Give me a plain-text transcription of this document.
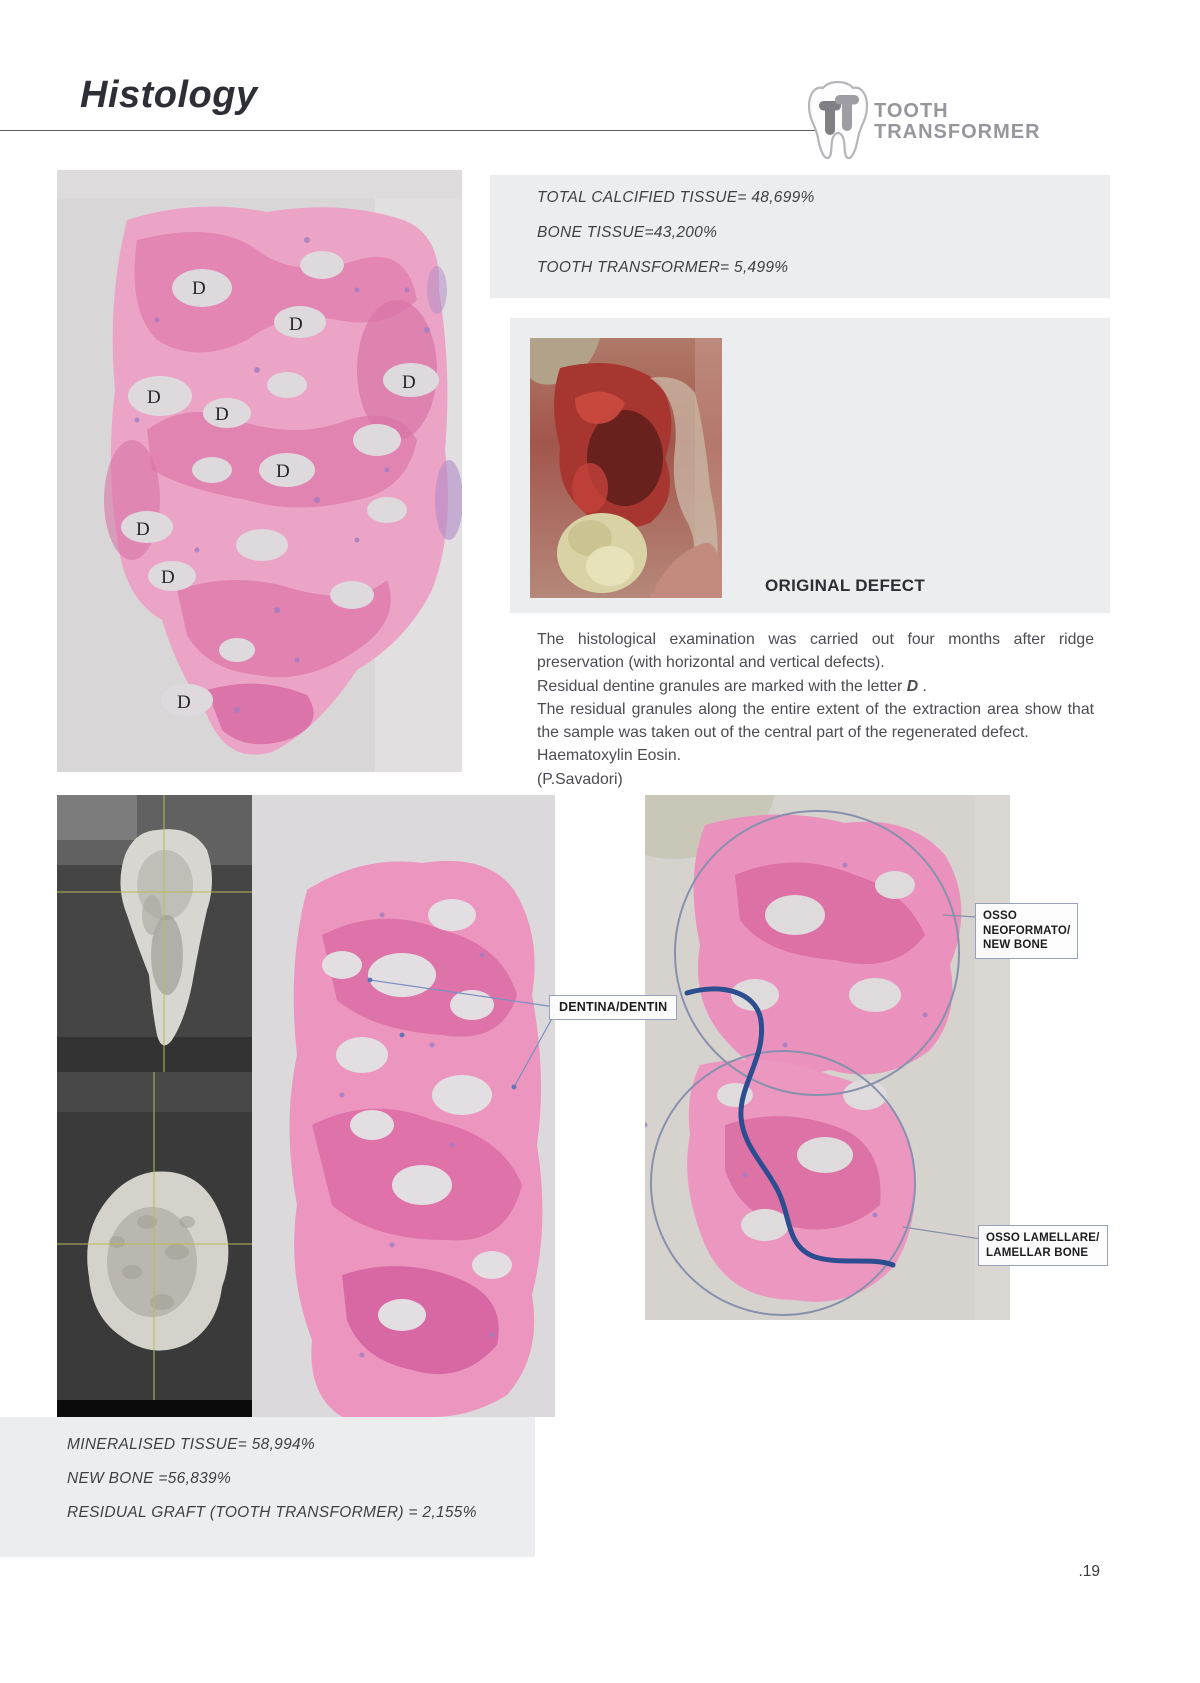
Histology	TOOTH
TRANSFORMER
TOTAL CALCIFIED TISSUE= 48,699%
BONE TISSUE=43,200%
TOOTH TRANSFORMER= 5,499%
D
D
D
D
D
D
D
D
D
ORIGINAL DEFECT
The histological examination was carried out four months after ridge preservation (with horizontal and vertical defects).
Residual dentine granules are marked with the letter D .
The residual granules along the entire extent of the extraction area show that the sample was taken out of the central part of the regenerated defect.
Haematoxylin Eosin.
(P.Savadori)
DENTINA/DENTIN
OSSO
NEOFORMATO/
NEW BONE
OSSO LAMELLARE/
LAMELLAR BONE
MINERALISED TISSUE= 58,994%
NEW BONE =56,839%
RESIDUAL GRAFT (TOOTH TRANSFORMER) = 2,155%
.19
